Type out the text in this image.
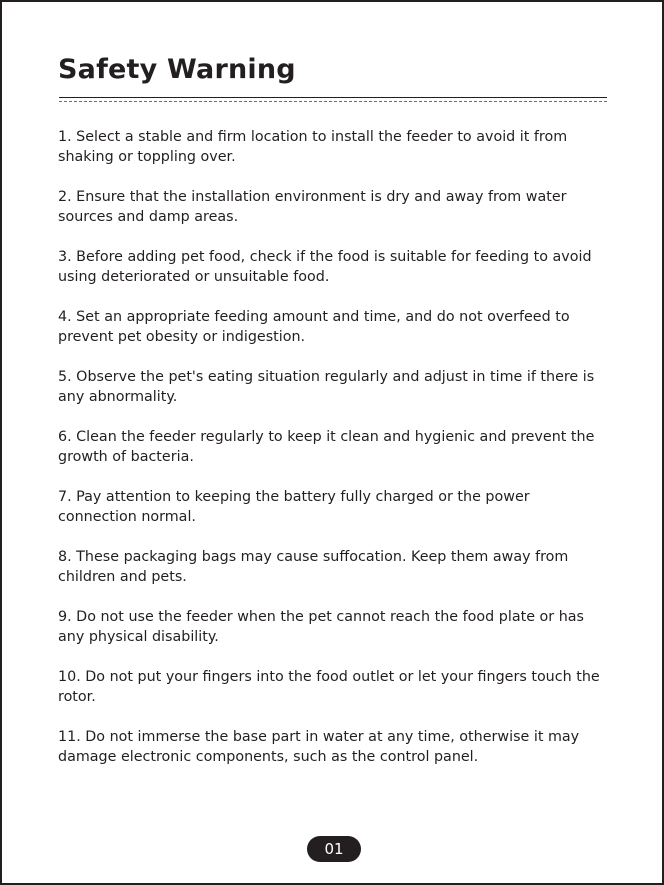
Safety Warning
1. Select a stable and firm location to install the feeder to avoid it from shaking or toppling over.
2. Ensure that the installation environment is dry and away from water sources and damp areas.
3. Before adding pet food, check if the food is suitable for feeding to avoid using deteriorated or unsuitable food.
4. Set an appropriate feeding amount and time, and do not overfeed to prevent pet obesity or indigestion.
5. Observe the pet's eating situation regularly and adjust in time if there is any abnormality.
6. Clean the feeder regularly to keep it clean and hygienic and prevent the growth of bacteria.
7. Pay attention to keeping the battery fully charged or the power connection normal.
8. These packaging bags may cause suffocation. Keep them away from children and pets.
9. Do not use the feeder when the pet cannot reach the food plate or has any physical disability.
10. Do not put your fingers into the food outlet or let your fingers touch the rotor.
11. Do not immerse the base part in water at any time, otherwise it may damage electronic components, such as the control panel.
01
